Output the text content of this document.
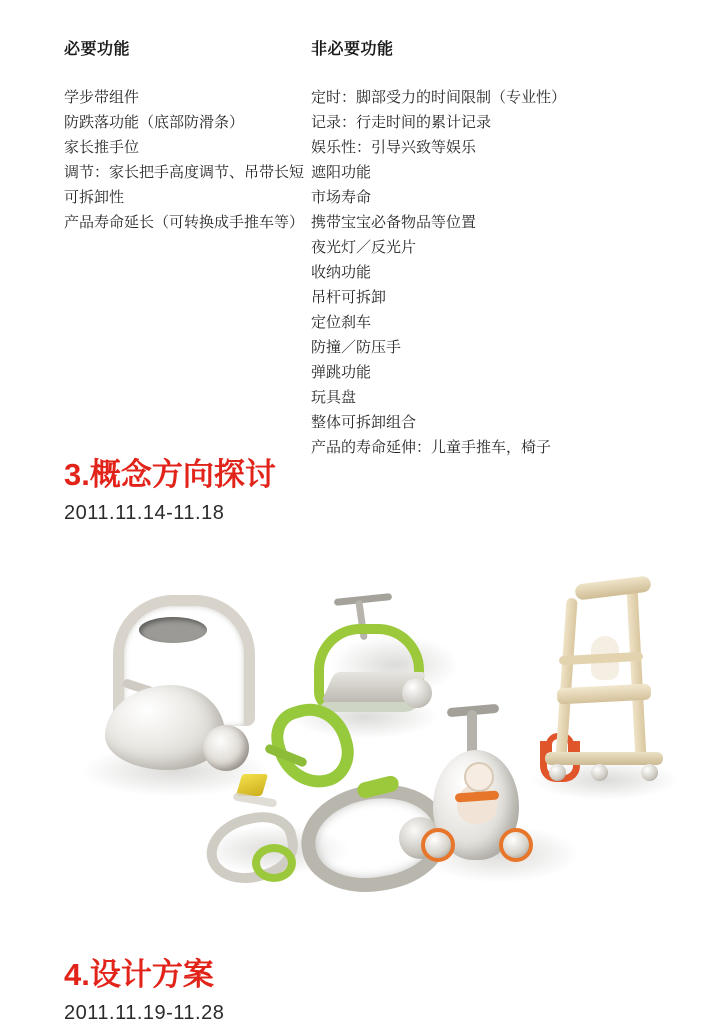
必要功能
学步带组件
防跌落功能（底部防滑条）
家长推手位
调节：家长把手高度调节、吊带长短
可拆卸性
产品寿命延长（可转换成手推车等）
非必要功能
定时：脚部受力的时间限制（专业性）
记录：行走时间的累计记录
娱乐性：引导兴致等娱乐
遮阳功能
市场寿命
携带宝宝必备物品等位置
夜光灯／反光片
收纳功能
吊杆可拆卸
定位刹车
防撞／防压手
弹跳功能
玩具盘
整体可拆卸组合
产品的寿命延伸：儿童手推车，椅子
3.概念方向探讨

2011.11.14-11.18

4.设计方案

2011.11.19-11.28
